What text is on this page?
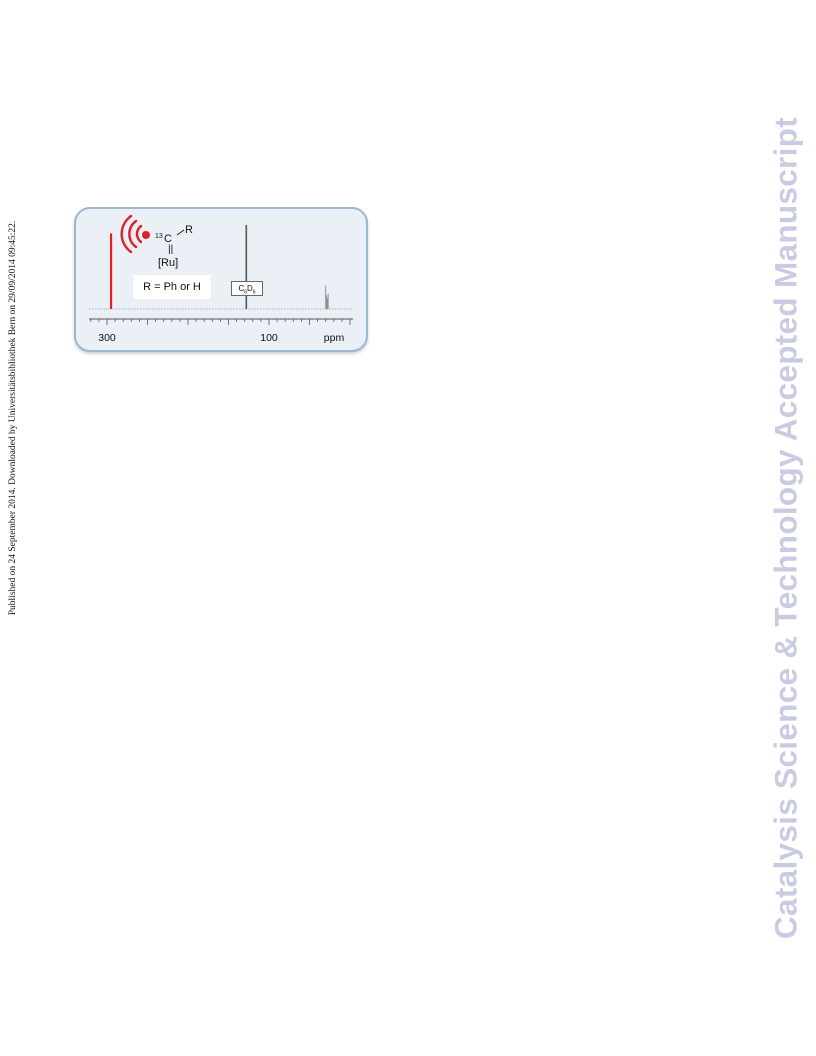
Published on 24 September 2014. Downloaded by Universitätsbibliothek Bern on 29/09/2014 09:45:22.	Catalysis Science & Technology Accepted Manuscript
13 C
R
||
[Ru]
R = Ph or H	$C_6D_6$
300	100	ppm
